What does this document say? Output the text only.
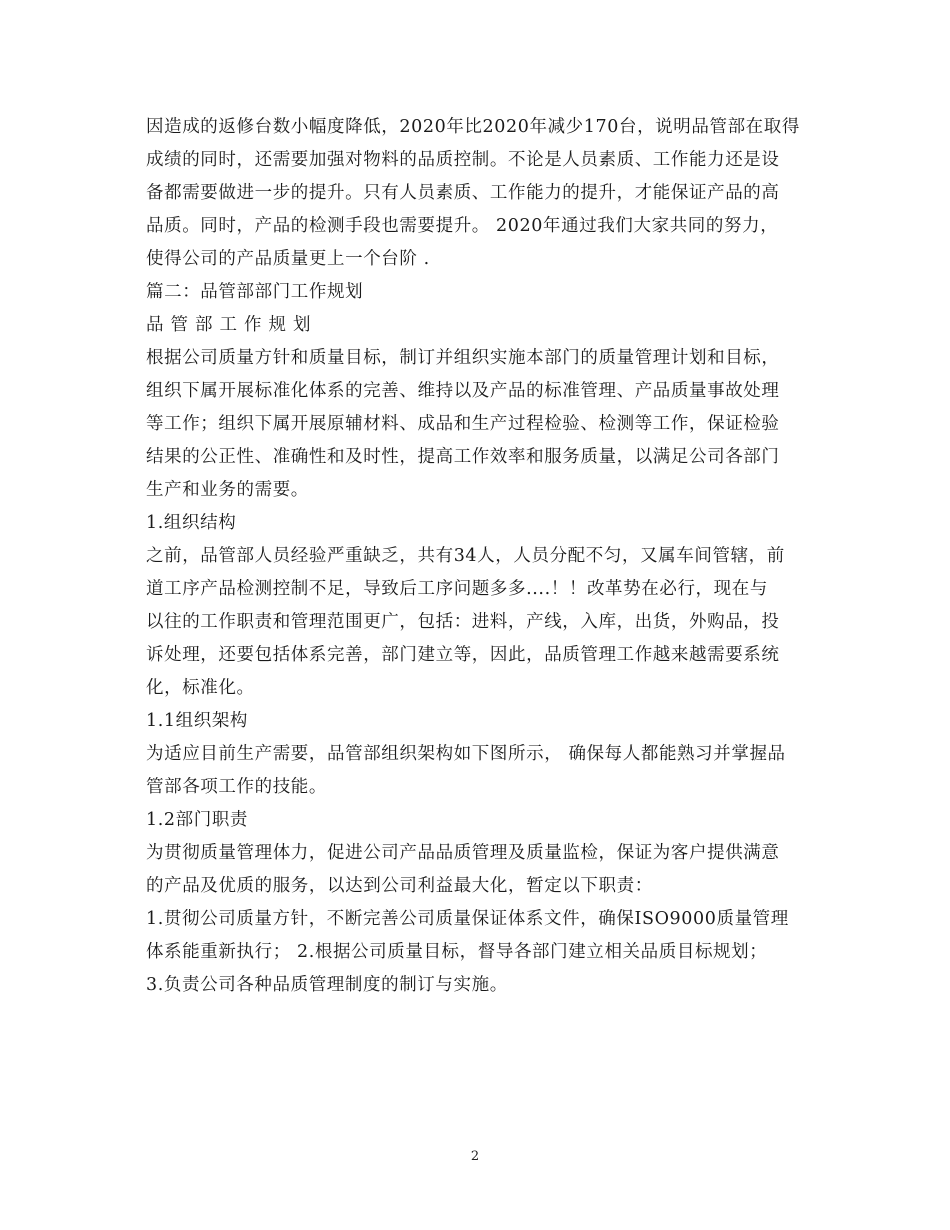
因造成的返修台数小幅度降低，2020年比2020年减少170台，说明品管部在取得
成绩的同时，还需要加强对物料的品质控制。不论是人员素质、工作能力还是设
备都需要做进一步的提升。只有人员素质、工作能力的提升，才能保证产品的高
品质。同时，产品的检测手段也需要提升。 2020年通过我们大家共同的努力，
使得公司的产品质量更上一个台阶 .
篇二：品管部部门工作规划
品管部工作规划
根据公司质量方针和质量目标，制订并组织实施本部门的质量管理计划和目标，
组织下属开展标准化体系的完善、维持以及产品的标准管理、产品质量事故处理
等工作；组织下属开展原辅材料、成品和生产过程检验、检测等工作，保证检验
结果的公正性、准确性和及时性，提高工作效率和服务质量，以满足公司各部门
生产和业务的需要。
1.组织结构
之前，品管部人员经验严重缺乏，共有34人，人员分配不匀，又属车间管辖，前
道工序产品检测控制不足，导致后工序问题多多....！！改革势在必行，现在与
以往的工作职责和管理范围更广，包括：进料，产线，入库，出货，外购品，投
诉处理，还要包括体系完善，部门建立等，因此，品质管理工作越来越需要系统
化，标准化。
1.1组织架构
为适应目前生产需要，品管部组织架构如下图所示， 确保每人都能熟习并掌握品
管部各项工作的技能。
1.2部门职责
为贯彻质量管理体力，促进公司产品品质管理及质量监检，保证为客户提供满意
的产品及优质的服务，以达到公司利益最大化，暂定以下职责：
1.贯彻公司质量方针，不断完善公司质量保证体系文件，确保ISO9000质量管理
体系能重新执行； 2.根据公司质量目标，督导各部门建立相关品质目标规划；
3.负责公司各种品质管理制度的制订与实施。
2
